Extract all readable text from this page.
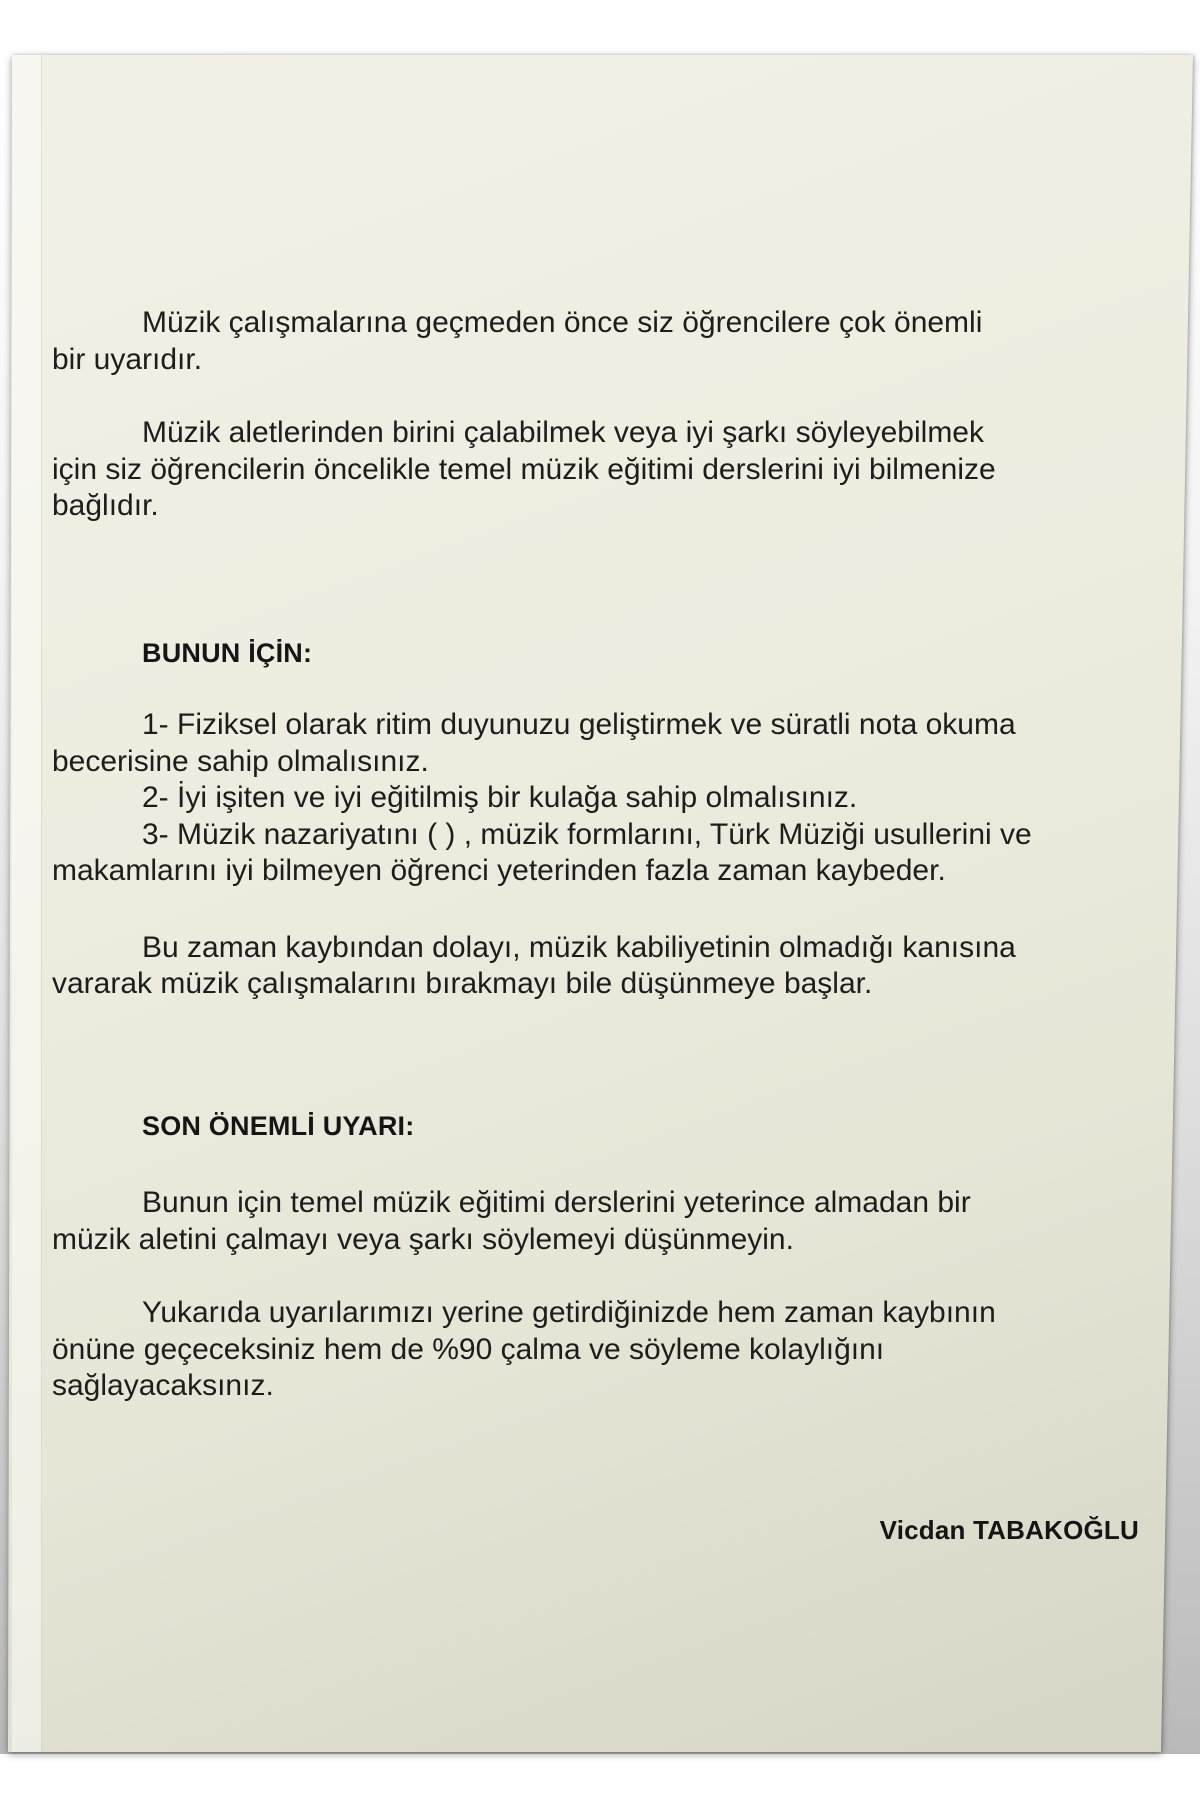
Müzik çalışmalarına geçmeden önce siz öğrencilere çok önemli
bir uyarıdır.
Müzik aletlerinden birini çalabilmek veya iyi şarkı söyleyebilmek
için siz öğrencilerin öncelikle temel müzik eğitimi derslerini iyi bilmenize
bağlıdır.
BUNUN İÇİN:
1- Fiziksel olarak ritim duyunuzu geliştirmek ve süratli nota okuma
becerisine sahip olmalısınız.
2- İyi işiten ve iyi eğitilmiş bir kulağa sahip olmalısınız.
3- Müzik nazariyatını ( ) , müzik formlarını, Türk Müziği usullerini ve
makamlarını iyi bilmeyen öğrenci yeterinden fazla zaman kaybeder.
Bu zaman kaybından dolayı, müzik kabiliyetinin olmadığı kanısına
vararak müzik çalışmalarını bırakmayı bile düşünmeye başlar.
SON ÖNEMLİ UYARI:
Bunun için temel müzik eğitimi derslerini yeterince almadan bir
müzik aletini çalmayı veya şarkı söylemeyi düşünmeyin.
Yukarıda uyarılarımızı yerine getirdiğinizde hem zaman kaybının
önüne geçeceksiniz hem de %90 çalma ve söyleme kolaylığını
sağlayacaksınız.
Vicdan TABAKOĞLU
